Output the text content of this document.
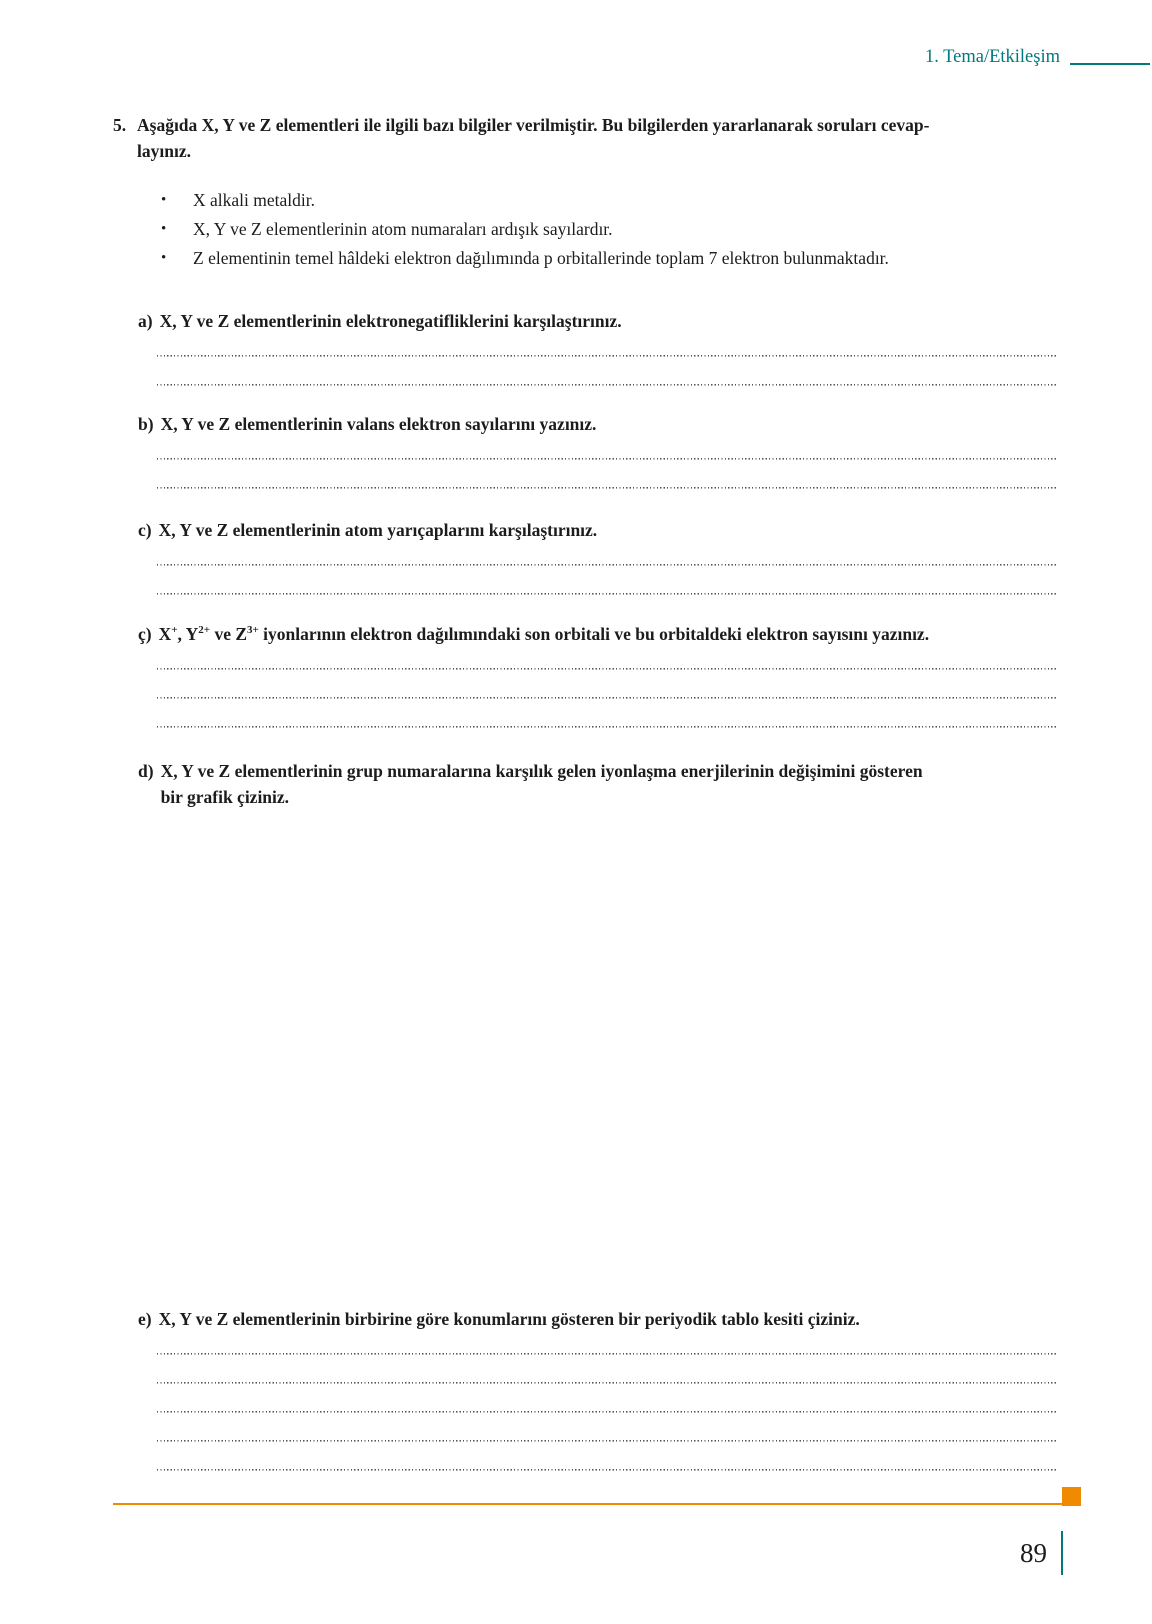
1. Tema/Etkileşim
5. Aşağıda X, Y ve Z elementleri ile ilgili bazı bilgiler verilmiştir. Bu bilgilerden yararlanarak soruları cevap-
layınız.
• X alkali metaldir.
• X, Y ve Z elementlerinin atom numaraları ardışık sayılardır.
• Z elementinin temel hâldeki elektron dağılımında p orbitallerinde toplam 7 elektron bulunmaktadır.
a) X, Y ve Z elementlerinin elektronegatifliklerini karşılaştırınız.
b) X, Y ve Z elementlerinin valans elektron sayılarını yazınız.
c) X, Y ve Z elementlerinin atom yarıçaplarını karşılaştırınız.
ç) X+, $Y^{2+}$ ve $Z^{3+}$ iyonlarının elektron dağılımındaki son orbitali ve bu orbitaldeki elektron sayısını yazınız.
d) X, Y ve Z elementlerinin grup numaralarına karşılık gelen iyonlaşma enerjilerinin değişimini gösteren
bir grafik çiziniz.
e) X, Y ve Z elementlerinin birbirine göre konumlarını gösteren bir periyodik tablo kesiti çiziniz.
89
